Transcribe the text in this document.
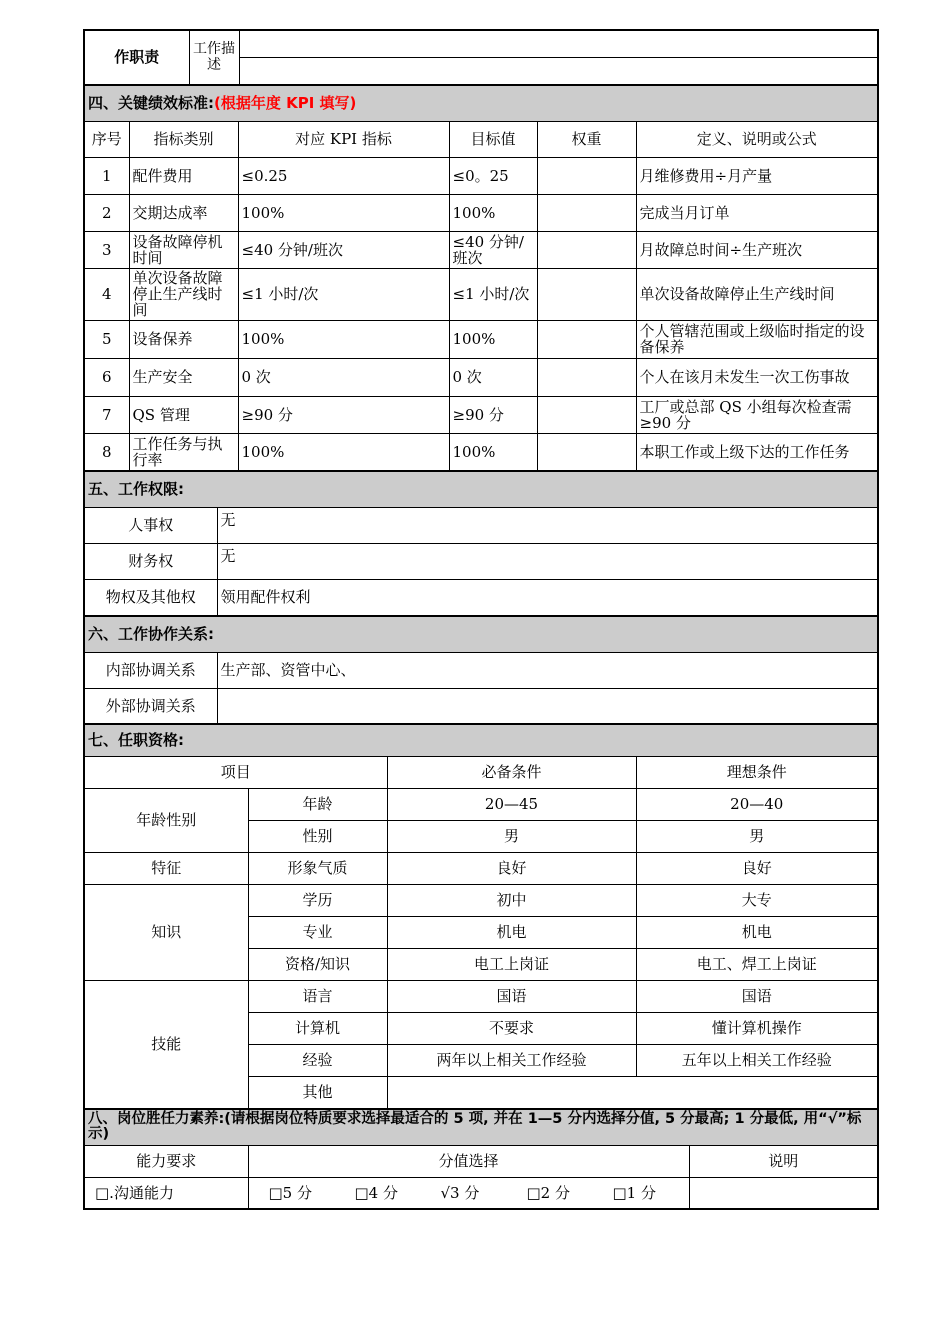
作职责	工作描述	

四、关键绩效标准:(根据年度 KPI 填写)					
序号	指标类别	对应 KPI 指标	目标值	权重	定义、说明或公式
1	配件费用	≤0.25	≤0。25		月维修费用÷月产量
2	交期达成率	100%	100%		完成当月订单
3	设备故障停机时间	≤40 分钟/班次	≤40 分钟/班次		月故障总时间÷生产班次
4	单次设备故障停止生产线时间	≤1 小时/次	≤1 小时/次		单次设备故障停止生产线时间
5	设备保养	100%	100%		个人管辖范围或上级临时指定的设备保养
6	生产安全	0 次	0 次		个人在该月未发生一次工伤事故
7	QS 管理	≥90 分	≥90 分		工厂或总部 QS 小组每次检查需≥90 分
8	工作任务与执行率	100%	100%		本职工作或上级下达的工作任务
五、工作权限:	
人事权	无
财务权	无
物权及其他权	领用配件权利
六、工作协作关系:	
内部协调关系	生产部、资管中心、
外部协调关系	
七、任职资格:			
项目		必备条件	理想条件
年龄性别	年龄	20—45	20—40
	性别	男	男
特征	形象气质	良好	良好
知识	学历	初中	大专
	专业	机电	机电
	资格/知识	电工上岗证	电工、焊工上岗证
技能	语言	国语	国语
	计算机	不要求	懂计算机操作
	经验	两年以上相关工作经验	五年以上相关工作经验
	其他		
八、岗位胜任力素养:(请根据岗位特质要求选择最适合的 5 项, 并在 1—5 分内选择分值, 5 分最高; 1 分最低, 用“√”标示)		
能力要求	分值选择	说明
□.沟通能力	□5 分 □4 分 √3 分 □2 分 □1 分	
